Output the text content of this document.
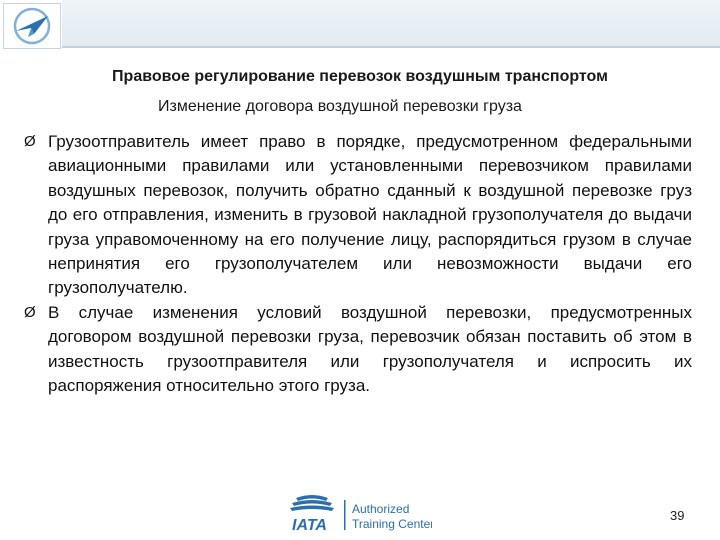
Правовое регулирование перевозок воздушным транспортом
Изменение договора воздушной перевозки груза
Ø Грузоотправитель имеет право в порядке, предусмотренном федеральными авиационными правилами или установленными перевозчиком правилами воздушных перевозок, получить обратно сданный к воздушной перевозке груз до его отправления, изменить в грузовой накладной грузополучателя до выдачи груза управомоченному на его получение лицу, распорядиться грузом в случае непринятия его грузополучателем или невозможности выдачи его грузополучателю.
Ø В случае изменения условий воздушной перевозки, предусмотренных договором воздушной перевозки груза, перевозчик обязан поставить об этом в известность грузоотправителя или грузополучателя и испросить их распоряжения относительно этого груза.
IATA
Authorized
Training Center
39
